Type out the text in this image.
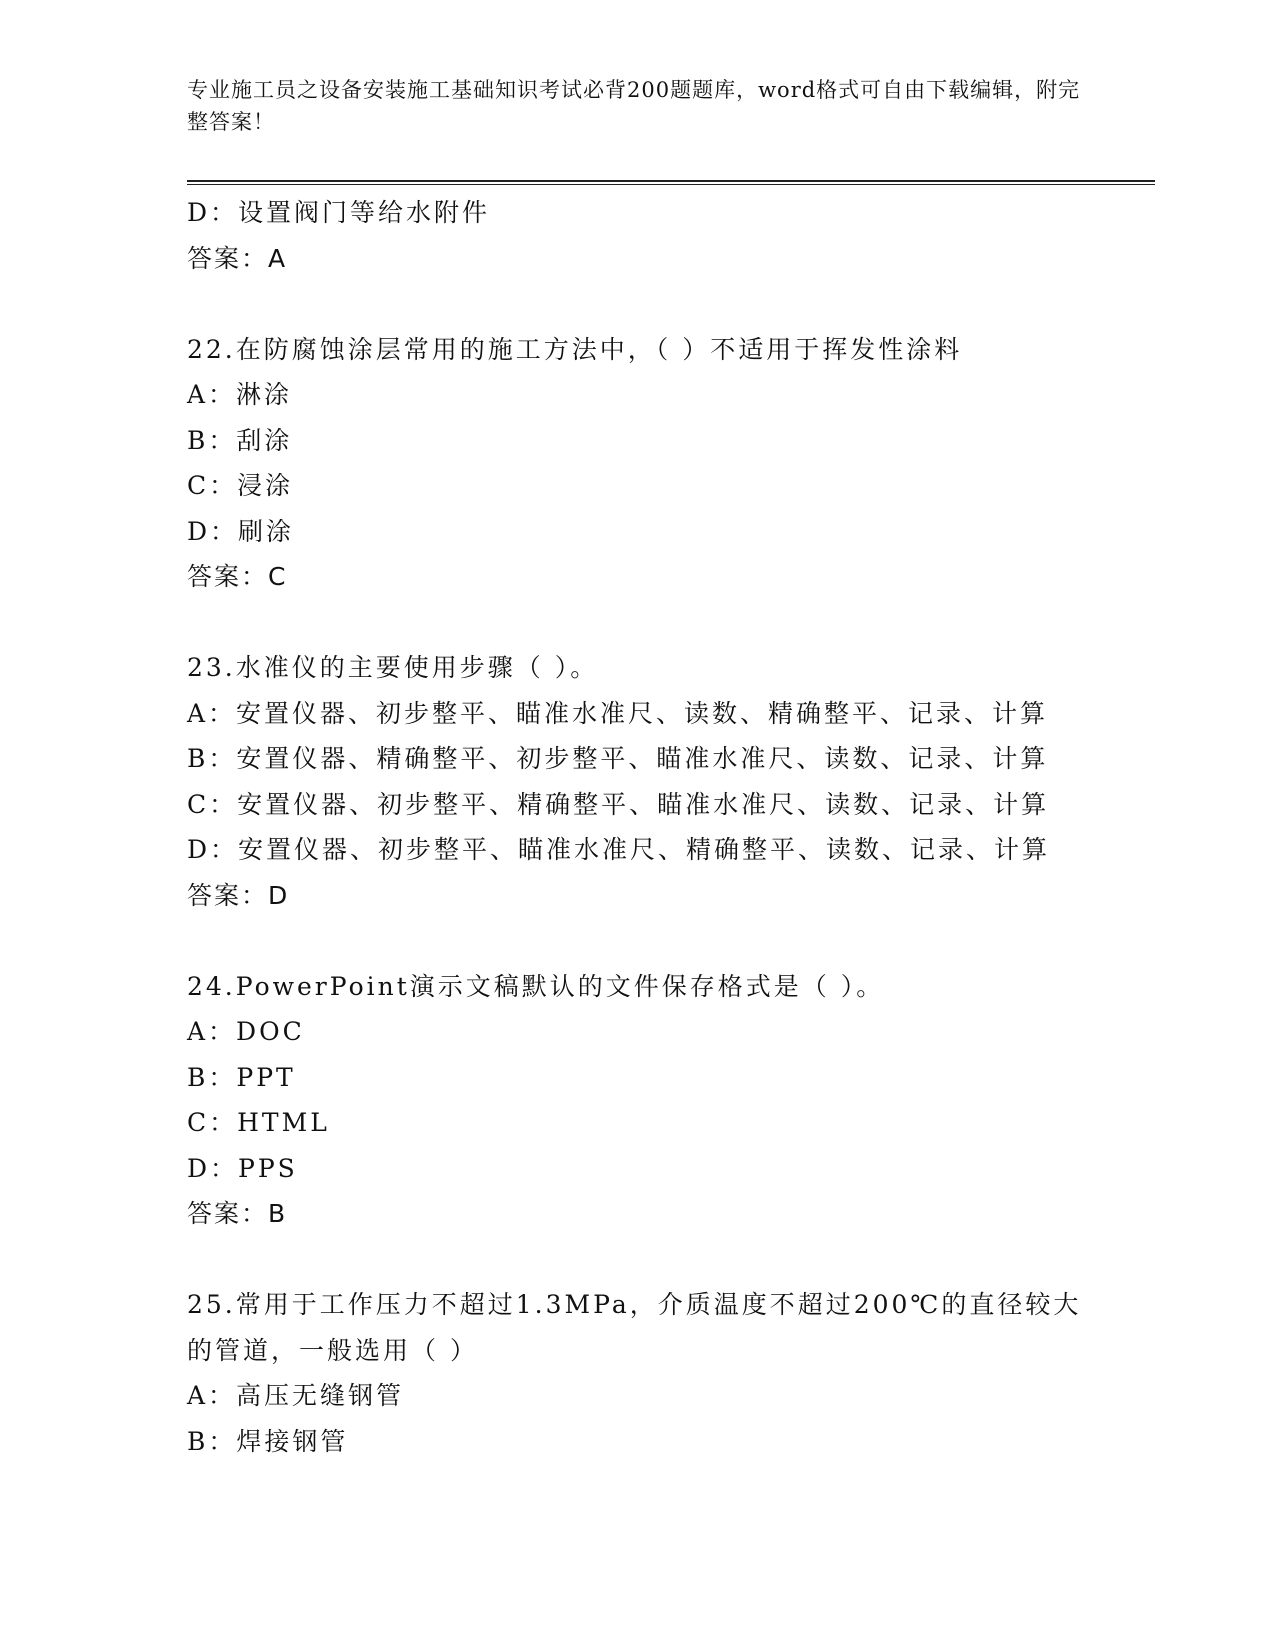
专业施工员之设备安装施工基础知识考试必背200题题库，word格式可自由下载编辑，附完整答案！
D：设置阀门等给水附件
答案：A
22.在防腐蚀涂层常用的施工方法中，（ ）不适用于挥发性涂料
A：淋涂
B：刮涂
C：浸涂
D：刷涂
答案：C
23.水准仪的主要使用步骤（ ）。
A：安置仪器、初步整平、瞄准水准尺、读数、精确整平、记录、计算
B：安置仪器、精确整平、初步整平、瞄准水准尺、读数、记录、计算
C：安置仪器、初步整平、精确整平、瞄准水准尺、读数、记录、计算
D：安置仪器、初步整平、瞄准水准尺、精确整平、读数、记录、计算
答案：D
24.PowerPoint演示文稿默认的文件保存格式是（ ）。
A：DOC
B：PPT
C：HTML
D：PPS
答案：B
25.常用于工作压力不超过1.3MPa，介质温度不超过200℃的直径较大
的管道，一般选用（ ）
A：高压无缝钢管
B：焊接钢管
